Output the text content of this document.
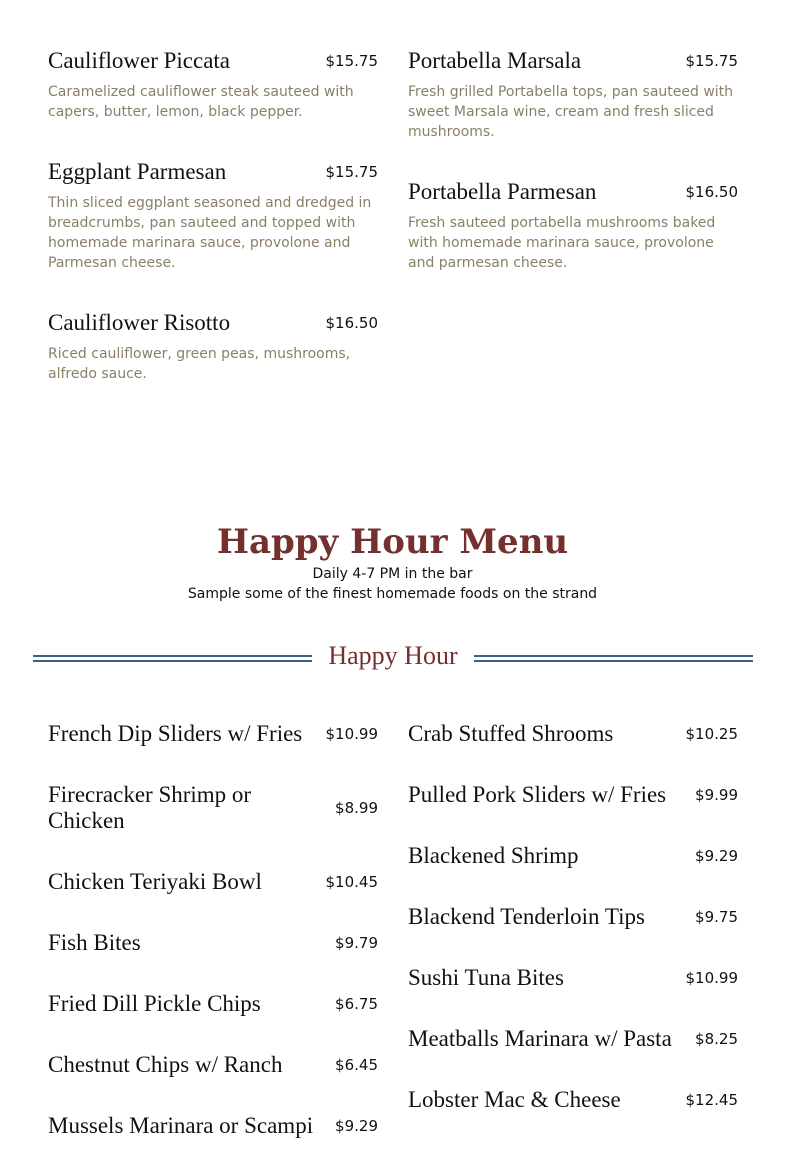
Cauliflower Piccata	$15.75
Caramelized cauliflower steak sauteed with capers, butter, lemon, black pepper.
Eggplant Parmesan	$15.75
Thin sliced eggplant seasoned and dredged in breadcrumbs, pan sauteed and topped with homemade marinara sauce, provolone and Parmesan cheese.
Cauliflower Risotto	$16.50
Riced cauliflower, green peas, mushrooms, alfredo sauce.
Portabella Marsala	$15.75
Fresh grilled Portabella tops, pan sauteed with sweet Marsala wine, cream and fresh sliced mushrooms.
Portabella Parmesan	$16.50
Fresh sauteed portabella mushrooms baked with homemade marinara sauce, provolone and parmesan cheese.
Happy Hour Menu
Daily 4-7 PM in the bar
Sample some of the finest homemade foods on the strand
Happy Hour
French Dip Sliders w/ Fries $10.99
Firecracker Shrimp or Chicken	$8.99
Chicken Teriyaki Bowl	$10.45
Fish Bites	$9.79
Fried Dill Pickle Chips	$6.75
Chestnut Chips w/ Ranch	$6.45
Mussels Marinara or Scampi $9.29
Crab Stuffed Shrooms	$10.25
Pulled Pork Sliders w/ Fries $9.99
Blackened Shrimp	$9.29
Blackend Tenderloin Tips	$9.75
Sushi Tuna Bites	$10.99
Meatballs Marinara w/ Pasta $8.25
Lobster Mac & Cheese	$12.45
